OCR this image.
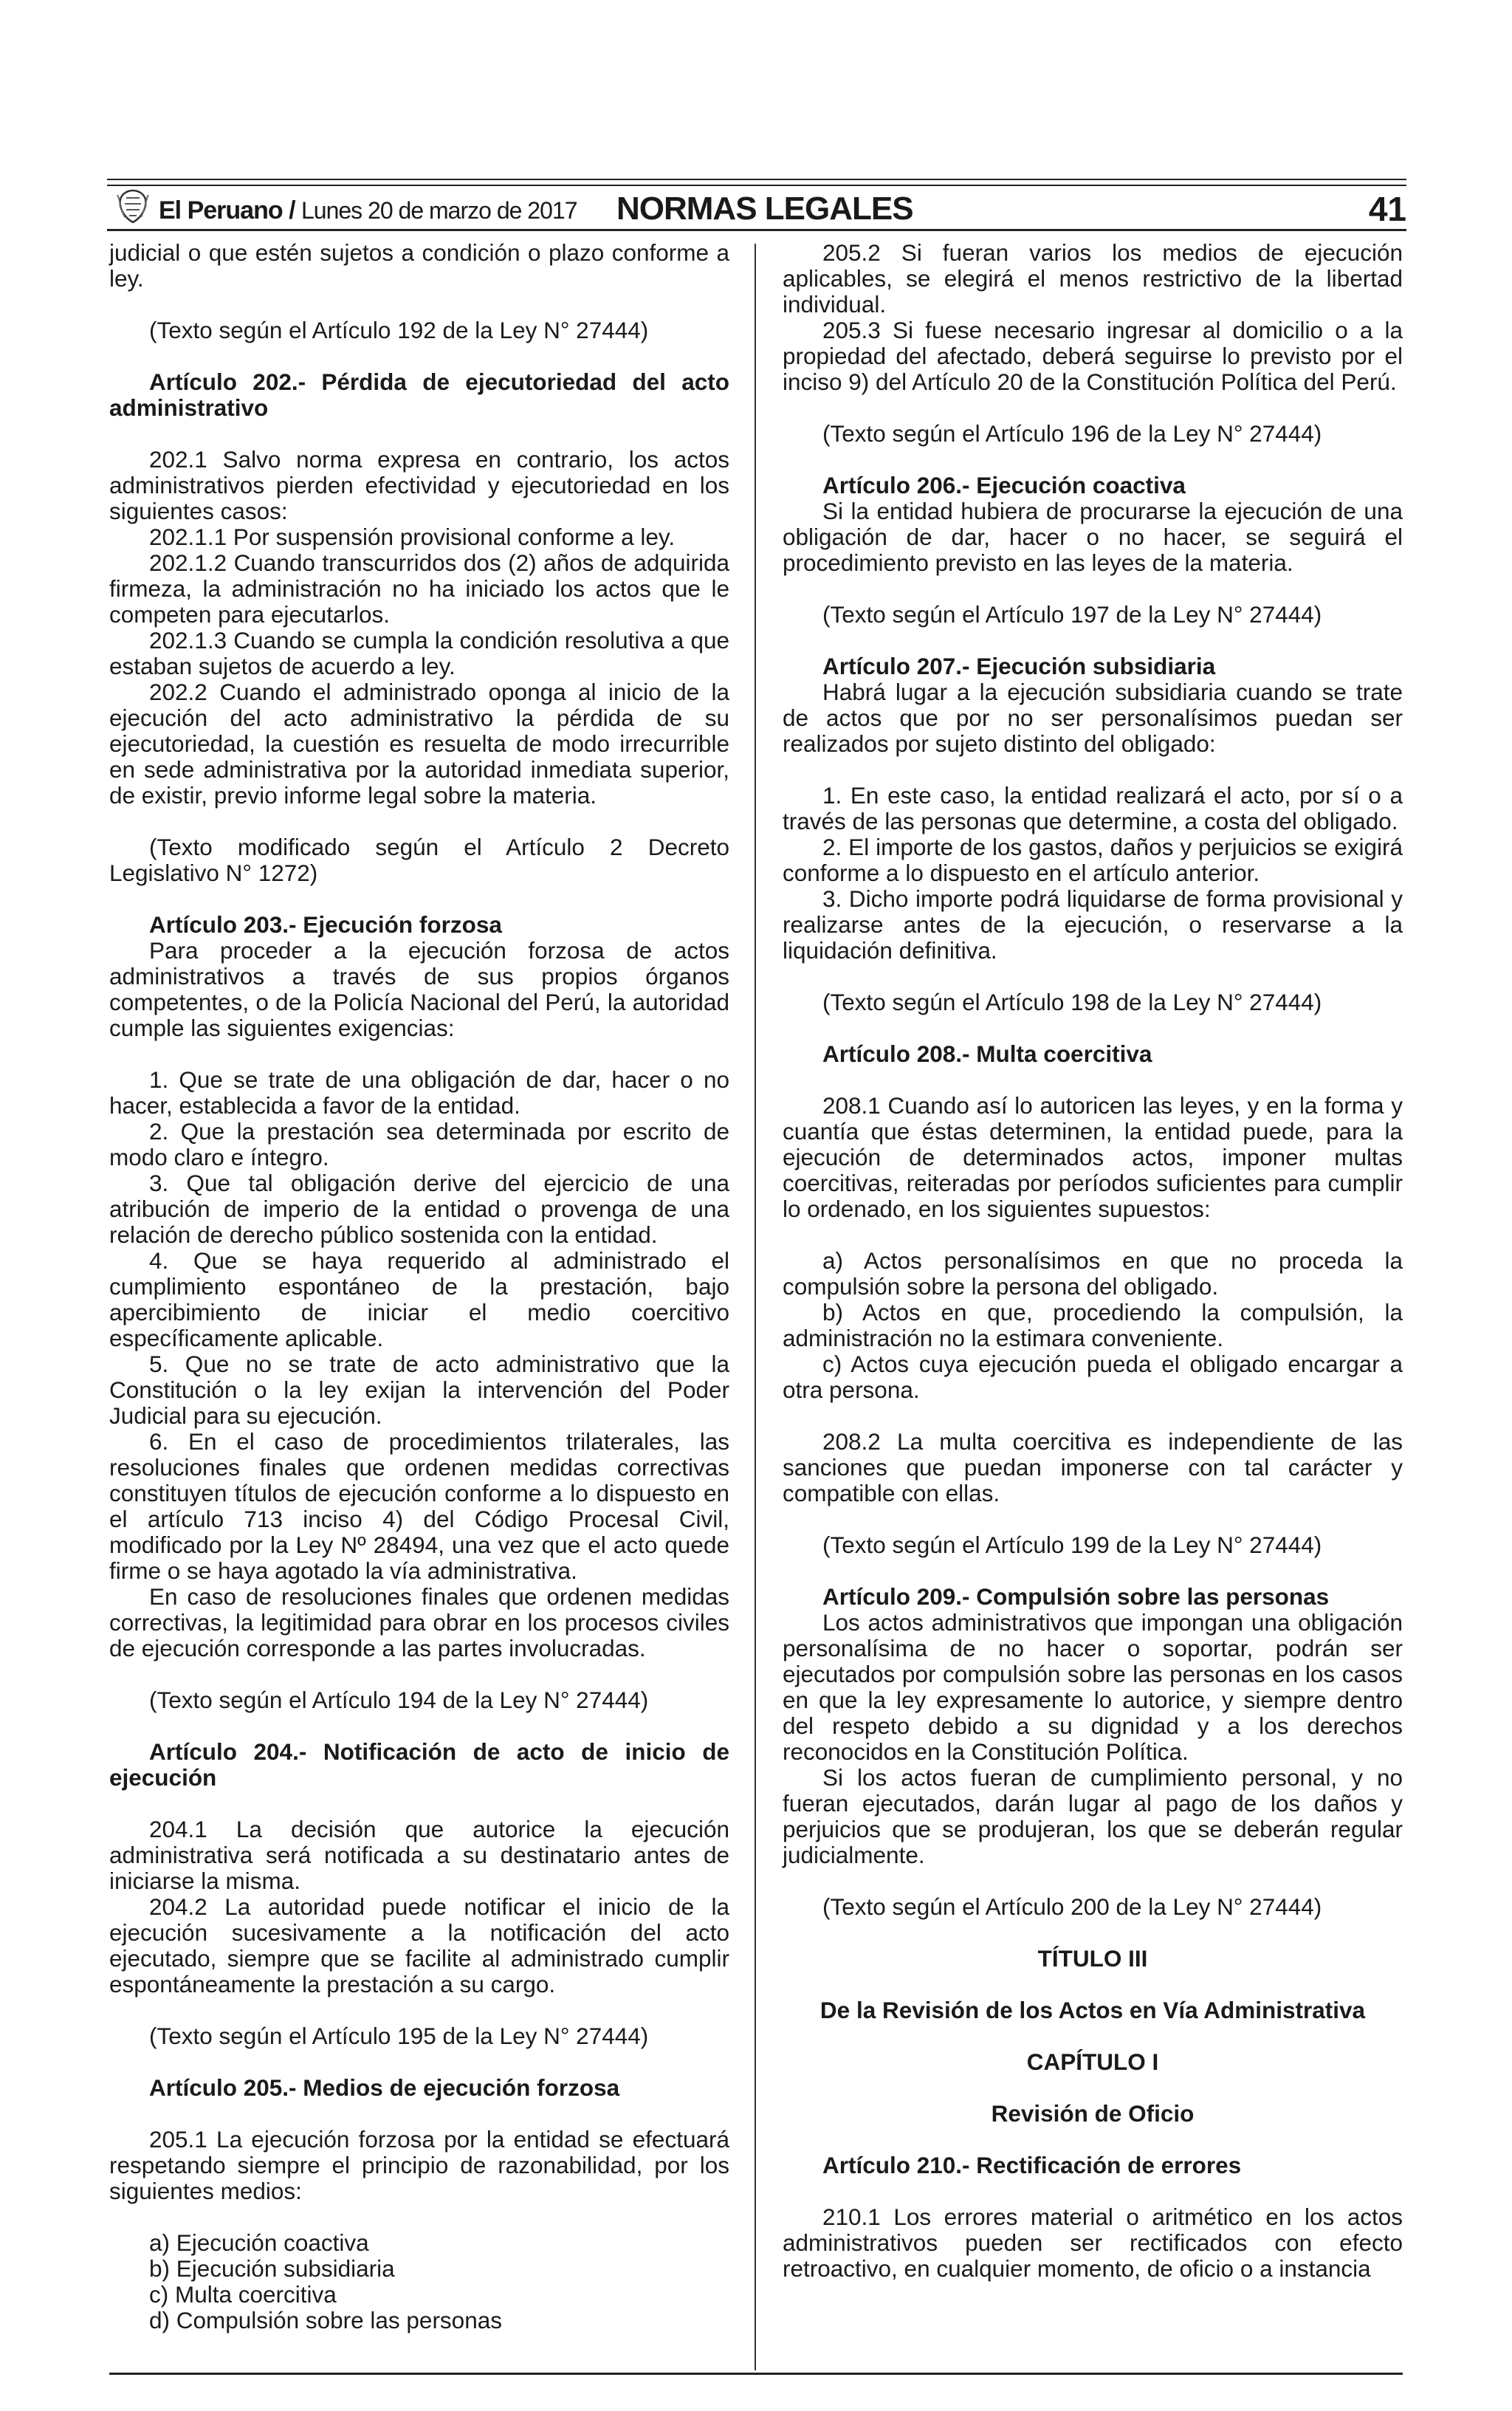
El Peruano / Lunes 20 de marzo de 2017 NORMAS LEGALES	41

judicial o que estén sujetos a condición o plazo conforme a ley.

(Texto según el Artículo 192 de la Ley N° 27444)

Artículo 202.- Pérdida de ejecutoriedad del acto administrativo

202.1 Salvo norma expresa en contrario, los actos administrativos pierden efectividad y ejecutoriedad en los siguientes casos:

202.1.1 Por suspensión provisional conforme a ley.

202.1.2 Cuando transcurridos dos (2) años de adquirida firmeza, la administración no ha iniciado los actos que le competen para ejecutarlos.

202.1.3 Cuando se cumpla la condición resolutiva a que estaban sujetos de acuerdo a ley.

202.2 Cuando el administrado oponga al inicio de la ejecución del acto administrativo la pérdida de su ejecutoriedad, la cuestión es resuelta de modo irrecurrible en sede administrativa por la autoridad inmediata superior, de existir, previo informe legal sobre la materia.

(Texto modificado según el Artículo 2 Decreto Legislativo N° 1272)

Artículo 203.- Ejecución forzosa

Para proceder a la ejecución forzosa de actos administrativos a través de sus propios órganos competentes, o de la Policía Nacional del Perú, la autoridad cumple las siguientes exigencias:

1. Que se trate de una obligación de dar, hacer o no hacer, establecida a favor de la entidad.

2. Que la prestación sea determinada por escrito de modo claro e íntegro.

3. Que tal obligación derive del ejercicio de una atribución de imperio de la entidad o provenga de una relación de derecho público sostenida con la entidad.

4. Que se haya requerido al administrado el cumplimiento espontáneo de la prestación, bajo apercibimiento de iniciar el medio coercitivo específicamente aplicable.

5. Que no se trate de acto administrativo que la Constitución o la ley exijan la intervención del Poder Judicial para su ejecución.

6. En el caso de procedimientos trilaterales, las resoluciones finales que ordenen medidas correctivas constituyen títulos de ejecución conforme a lo dispuesto en el artículo 713 inciso 4) del Código Procesal Civil, modificado por la Ley Nº 28494, una vez que el acto quede firme o se haya agotado la vía administrativa.

En caso de resoluciones finales que ordenen medidas correctivas, la legitimidad para obrar en los procesos civiles de ejecución corresponde a las partes involucradas.

(Texto según el Artículo 194 de la Ley N° 27444)

Artículo 204.- Notificación de acto de inicio de ejecución

204.1 La decisión que autorice la ejecución administrativa será notificada a su destinatario antes de iniciarse la misma.

204.2 La autoridad puede notificar el inicio de la ejecución sucesivamente a la notificación del acto ejecutado, siempre que se facilite al administrado cumplir espontáneamente la prestación a su cargo.

(Texto según el Artículo 195 de la Ley N° 27444)

Artículo 205.- Medios de ejecución forzosa

205.1 La ejecución forzosa por la entidad se efectuará respetando siempre el principio de razonabilidad, por los siguientes medios:

a) Ejecución coactiva

b) Ejecución subsidiaria

c) Multa coercitiva

d) Compulsión sobre las personas

205.2 Si fueran varios los medios de ejecución aplicables, se elegirá el menos restrictivo de la libertad individual.

205.3 Si fuese necesario ingresar al domicilio o a la propiedad del afectado, deberá seguirse lo previsto por el inciso 9) del Artículo 20 de la Constitución Política del Perú.

(Texto según el Artículo 196 de la Ley N° 27444)

Artículo 206.- Ejecución coactiva

Si la entidad hubiera de procurarse la ejecución de una obligación de dar, hacer o no hacer, se seguirá el procedimiento previsto en las leyes de la materia.

(Texto según el Artículo 197 de la Ley N° 27444)

Artículo 207.- Ejecución subsidiaria

Habrá lugar a la ejecución subsidiaria cuando se trate de actos que por no ser personalísimos puedan ser realizados por sujeto distinto del obligado:

1. En este caso, la entidad realizará el acto, por sí o a través de las personas que determine, a costa del obligado.

2. El importe de los gastos, daños y perjuicios se exigirá conforme a lo dispuesto en el artículo anterior.

3. Dicho importe podrá liquidarse de forma provisional y realizarse antes de la ejecución, o reservarse a la liquidación definitiva.

(Texto según el Artículo 198 de la Ley N° 27444)

Artículo 208.- Multa coercitiva

208.1 Cuando así lo autoricen las leyes, y en la forma y cuantía que éstas determinen, la entidad puede, para la ejecución de determinados actos, imponer multas coercitivas, reiteradas por períodos suficientes para cumplir lo ordenado, en los siguientes supuestos:

a) Actos personalísimos en que no proceda la compulsión sobre la persona del obligado.

b) Actos en que, procediendo la compulsión, la administración no la estimara conveniente.

c) Actos cuya ejecución pueda el obligado encargar a otra persona.

208.2 La multa coercitiva es independiente de las sanciones que puedan imponerse con tal carácter y compatible con ellas.

(Texto según el Artículo 199 de la Ley N° 27444)

Artículo 209.- Compulsión sobre las personas

Los actos administrativos que impongan una obligación personalísima de no hacer o soportar, podrán ser ejecutados por compulsión sobre las personas en los casos en que la ley expresamente lo autorice, y siempre dentro del respeto debido a su dignidad y a los derechos reconocidos en la Constitución Política.

Si los actos fueran de cumplimiento personal, y no fueran ejecutados, darán lugar al pago de los daños y perjuicios que se produjeran, los que se deberán regular judicialmente.

(Texto según el Artículo 200 de la Ley N° 27444)

TÍTULO III

De la Revisión de los Actos en Vía Administrativa

CAPÍTULO I

Revisión de Oficio

Artículo 210.- Rectificación de errores

210.1 Los errores material o aritmético en los actos administrativos pueden ser rectificados con efecto retroactivo, en cualquier momento, de oficio o a instancia
